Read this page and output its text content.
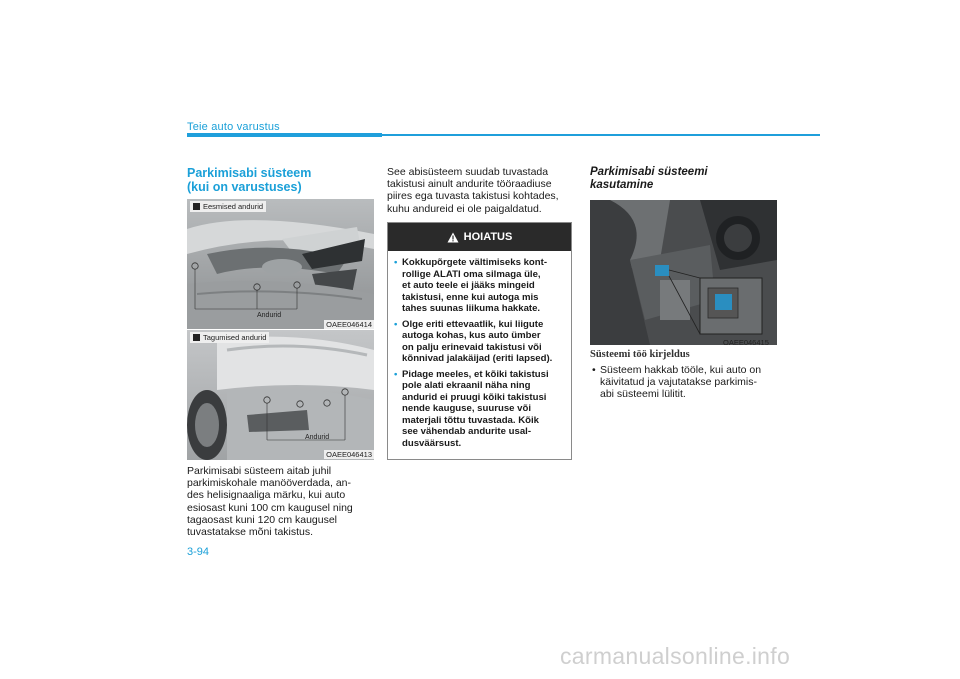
Teie auto varustus
Parkimisabi süsteem
(kui on varustuses)
Eesmised andurid
Andurid
OAEE046414
Tagumised andurid
Andurid
OAEE046413
Parkimisabi süsteem aitab juhil
parkimiskohale manööverdada, an-
des helisignaaliga märku, kui auto
esiosast kuni 100 cm kaugusel ning
tagaosast kuni 120 cm kaugusel
tuvastatakse mõni takistus.
See abisüsteem suudab tuvastada
takistusi ainult andurite tööraadiuse
piires ega tuvasta takistusi kohtades,
kuhu andureid ei ole paigaldatud.
HOIATUS
• Kokkupõrgete vältimiseks kont-
rollige ALATI oma silmaga üle,
et auto teele ei jääks mingeid
takistusi, enne kui autoga mis
tahes suunas liikuma hakkate.
• Olge eriti ettevaatlik, kui liigute
autoga kohas, kus auto ümber
on palju erinevaid takistusi või
kõnnivad jalakäijad (eriti lapsed).
• Pidage meeles, et kõiki takistusi
pole alati ekraanil näha ning
andurid ei pruugi kõiki takistusi
nende kauguse, suuruse või
materjali tõttu tuvastada. Kõik
see vähendab andurite usal-
dusväärsust.
Parkimisabi süsteemi
kasutamine
OAEE046415
Süsteemi töö kirjeldus
• Süsteem hakkab tööle, kui auto on
käivitatud ja vajutatakse parkimis-
abi süsteemi lülitit.
3-94
carmanualsonline.info
